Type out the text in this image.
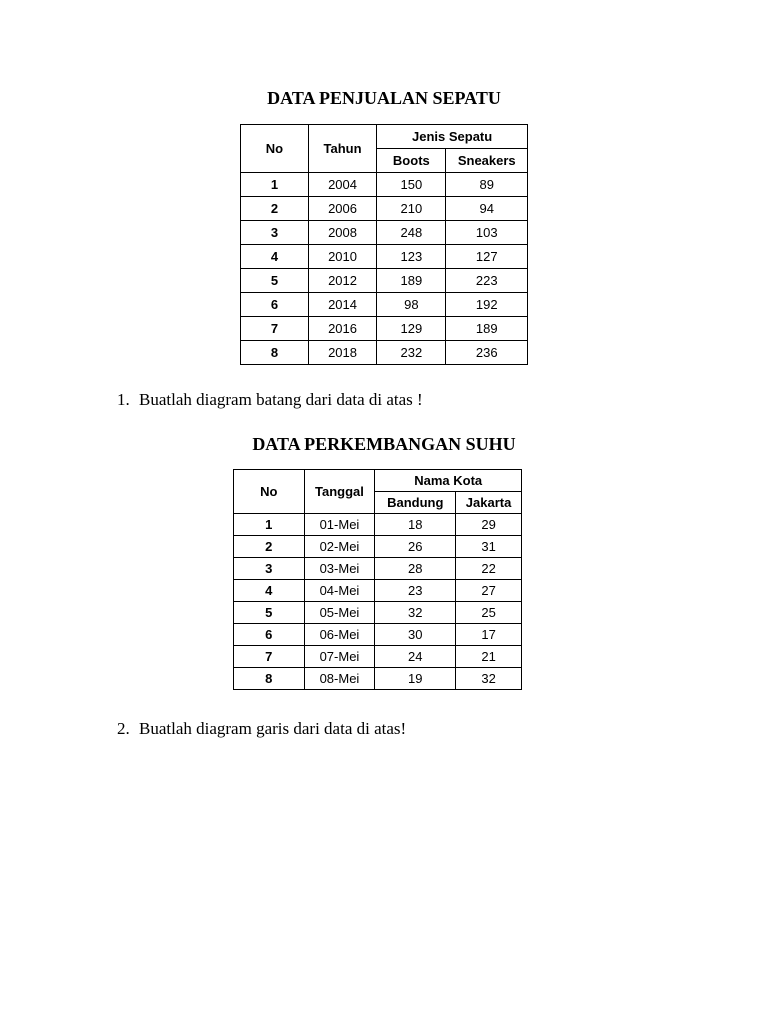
DATA PENJUALAN SEPATU
No	Tahun	Jenis Sepatu	
		Boots	Sneakers
1	2004	150	89
2	2006	210	94
3	2008	248	103
4	2010	123	127
5	2012	189	223
6	2014	98	192
7	2016	129	189
8	2018	232	236
1. Buatlah diagram batang dari data di atas !
DATA PERKEMBANGAN SUHU
No	Tanggal	Nama Kota	
		Bandung	Jakarta
1	01-Mei	18	29
2	02-Mei	26	31
3	03-Mei	28	22
4	04-Mei	23	27
5	05-Mei	32	25
6	06-Mei	30	17
7	07-Mei	24	21
8	08-Mei	19	32
2. Buatlah diagram garis dari data di atas!
